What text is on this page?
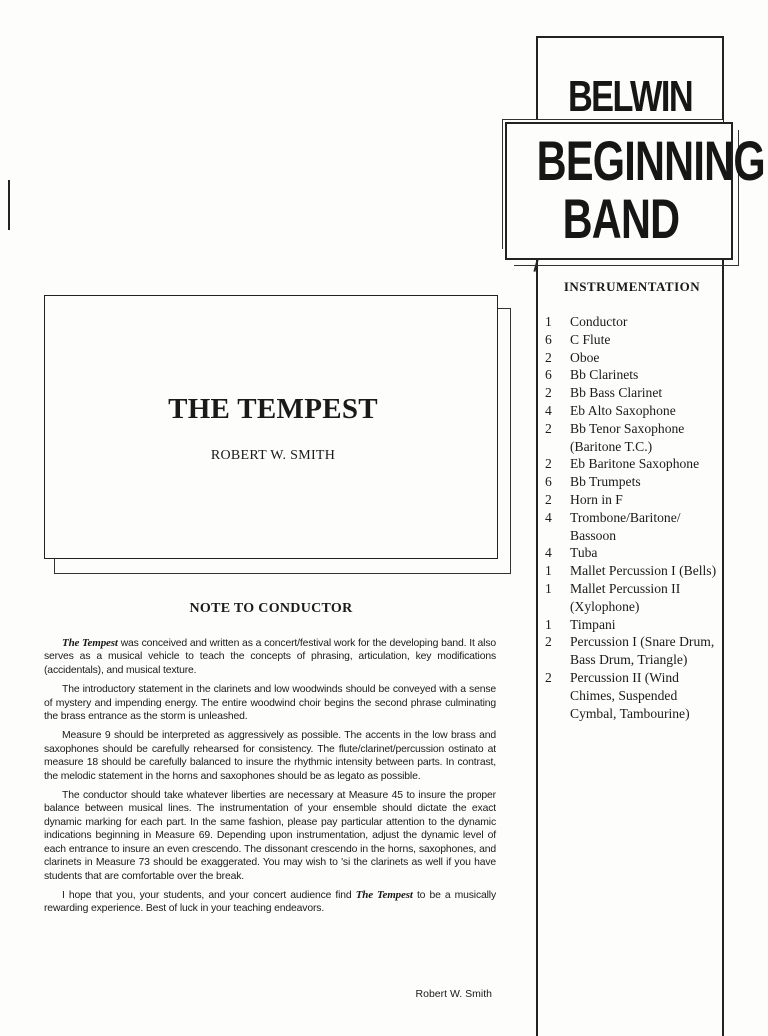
BELWIN
BEGINNING
BAND
INSTRUMENTATION
1	Conductor
6	C Flute
2	Oboe
6	Bb Clarinets
2	Bb Bass Clarinet
4	Eb Alto Saxophone
2	Bb Tenor Saxophone (Baritone T.C.)
2	Eb Baritone Saxophone
6	Bb Trumpets
2	Horn in F
4	Trombone/Baritone/ Bassoon
4	Tuba
1	Mallet Percussion I (Bells)
1	Mallet Percussion II (Xylophone)
1	Timpani
2	Percussion I (Snare Drum, Bass Drum, Triangle)
2	Percussion II (Wind Chimes, Suspended Cymbal, Tambourine)
THE TEMPEST
ROBERT W. SMITH
NOTE TO CONDUCTOR

The Tempest was conceived and written as a concert/festival work for the developing band. It also serves as a musical vehicle to teach the concepts of phrasing, articulation, key modifications (accidentals), and musical texture.

The introductory statement in the clarinets and low woodwinds should be conveyed with a sense of mystery and impending energy. The entire woodwind choir begins the second phrase culminating the brass entrance as the storm is unleashed.

Measure 9 should be interpreted as aggressively as possible. The accents in the low brass and saxophones should be carefully rehearsed for consistency. The flute/clarinet/percussion ostinato at measure 18 should be carefully balanced to insure the rhythmic intensity between parts. In contrast, the melodic statement in the horns and saxophones should be as legato as possible.

The conductor should take whatever liberties are necessary at Measure 45 to insure the proper balance between musical lines. The instrumentation of your ensemble should dictate the exact dynamic marking for each part. In the same fashion, please pay particular attention to the dynamic indications beginning in Measure 69. Depending upon instrumentation, adjust the dynamic level of each entrance to insure an even crescendo. The dissonant crescendo in the horns, saxophones, and clarinets in Measure 73 should be exaggerated. You may wish to 'si the clarinets as well if you have students that are comfortable over the break.

I hope that you, your students, and your concert audience find The Tempest to be a musically rewarding experience. Best of luck in your teaching endeavors.

Robert W. Smith
